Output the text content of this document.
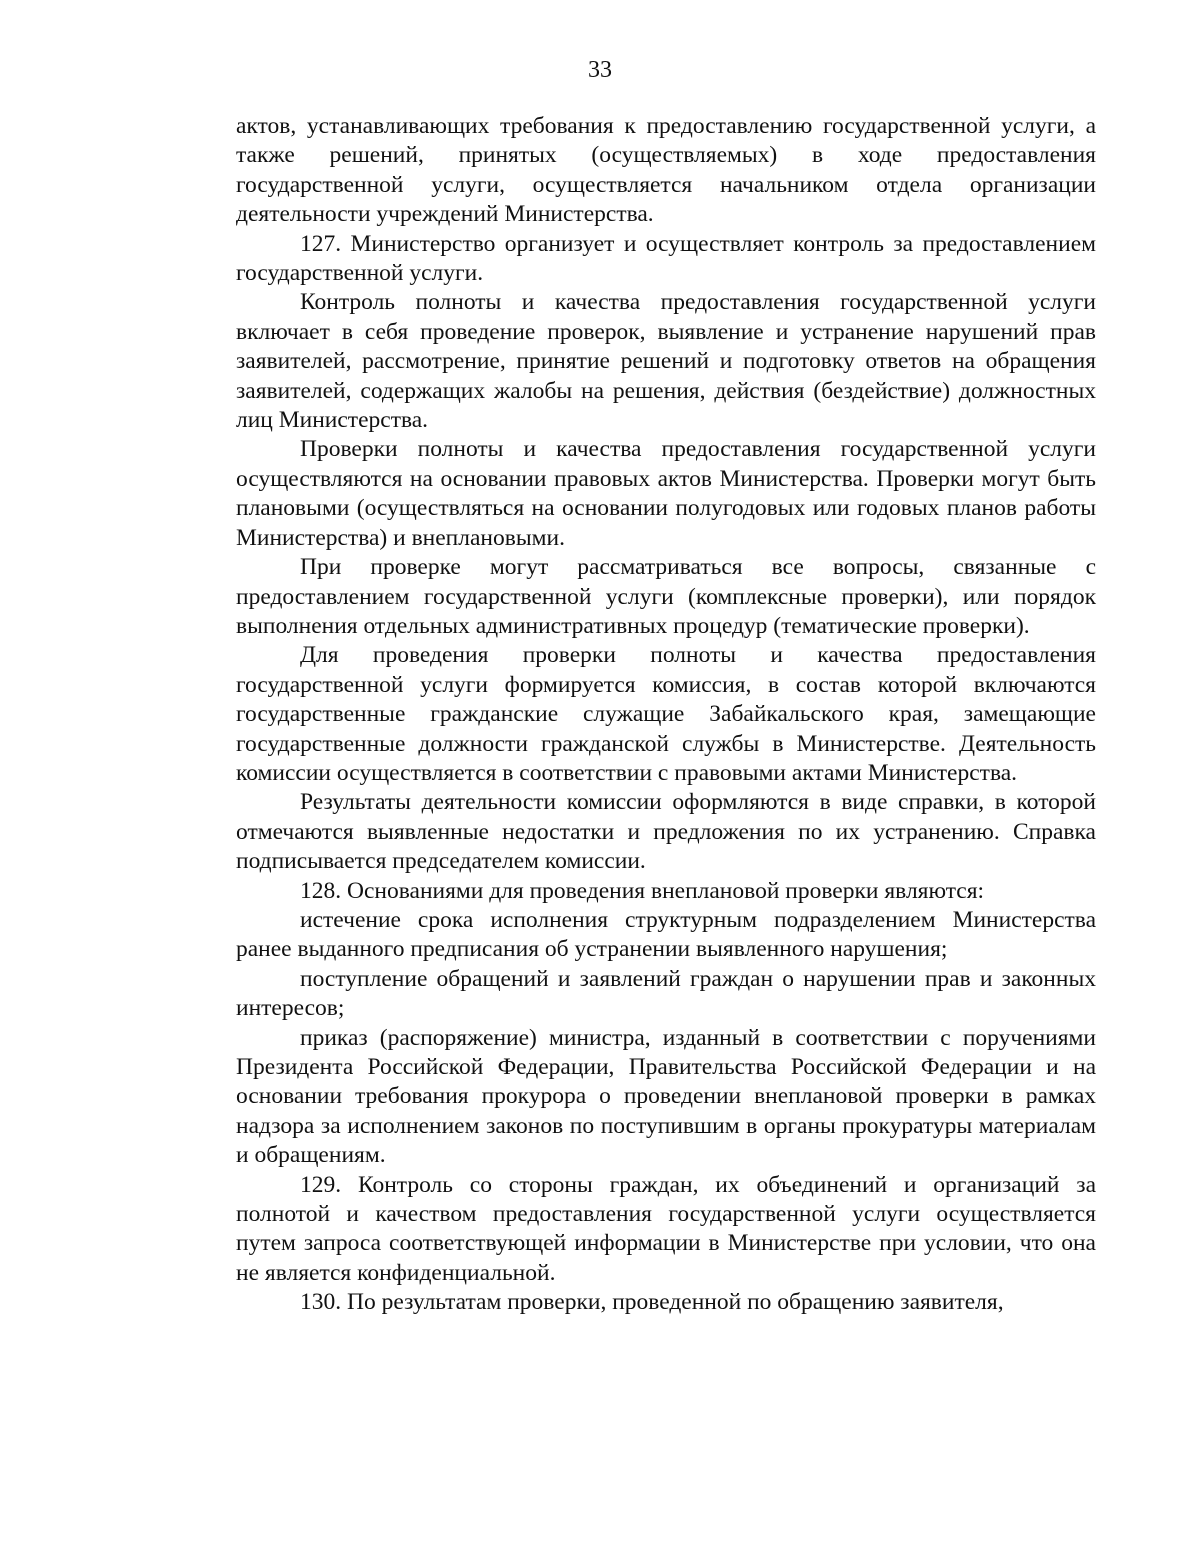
33

актов, устанавливающих требования к предоставлению государственной услуги, а также решений, принятых (осуществляемых) в ходе предоставления государственной услуги, осуществляется начальником отдела организации деятельности учреждений Министерства.

127. Министерство организует и осуществляет контроль за предоставлением государственной услуги.

Контроль полноты и качества предоставления государственной услуги включает в себя проведение проверок, выявление и устранение нарушений прав заявителей, рассмотрение, принятие решений и подготовку ответов на обращения заявителей, содержащих жалобы на решения, действия (бездействие) должностных лиц Министерства.

Проверки полноты и качества предоставления государственной услуги осуществляются на основании правовых актов Министерства. Проверки могут быть плановыми (осуществляться на основании полугодовых или годовых планов работы Министерства) и внеплановыми.

При проверке могут рассматриваться все вопросы, связанные с предоставлением государственной услуги (комплексные проверки), или порядок выполнения отдельных административных процедур (тематические проверки).

Для проведения проверки полноты и качества предоставления государственной услуги формируется комиссия, в состав которой включаются государственные гражданские служащие Забайкальского края, замещающие государственные должности гражданской службы в Министерстве. Деятельность комиссии осуществляется в соответствии с правовыми актами Министерства.

Результаты деятельности комиссии оформляются в виде справки, в которой отмечаются выявленные недостатки и предложения по их устранению. Справка подписывается председателем комиссии.

128. Основаниями для проведения внеплановой проверки являются:

истечение срока исполнения структурным подразделением Министерства ранее выданного предписания об устранении выявленного нарушения;

поступление обращений и заявлений граждан о нарушении прав и законных интересов;

приказ (распоряжение) министра, изданный в соответствии с поручениями Президента Российской Федерации, Правительства Российской Федерации и на основании требования прокурора о проведении внеплановой проверки в рамках надзора за исполнением законов по поступившим в органы прокуратуры материалам и обращениям.

129. Контроль со стороны граждан, их объединений и организаций за полнотой и качеством предоставления государственной услуги осуществляется путем запроса соответствующей информации в Министерстве при условии, что она не является конфиденциальной.

130. По результатам проверки, проведенной по обращению заявителя,
